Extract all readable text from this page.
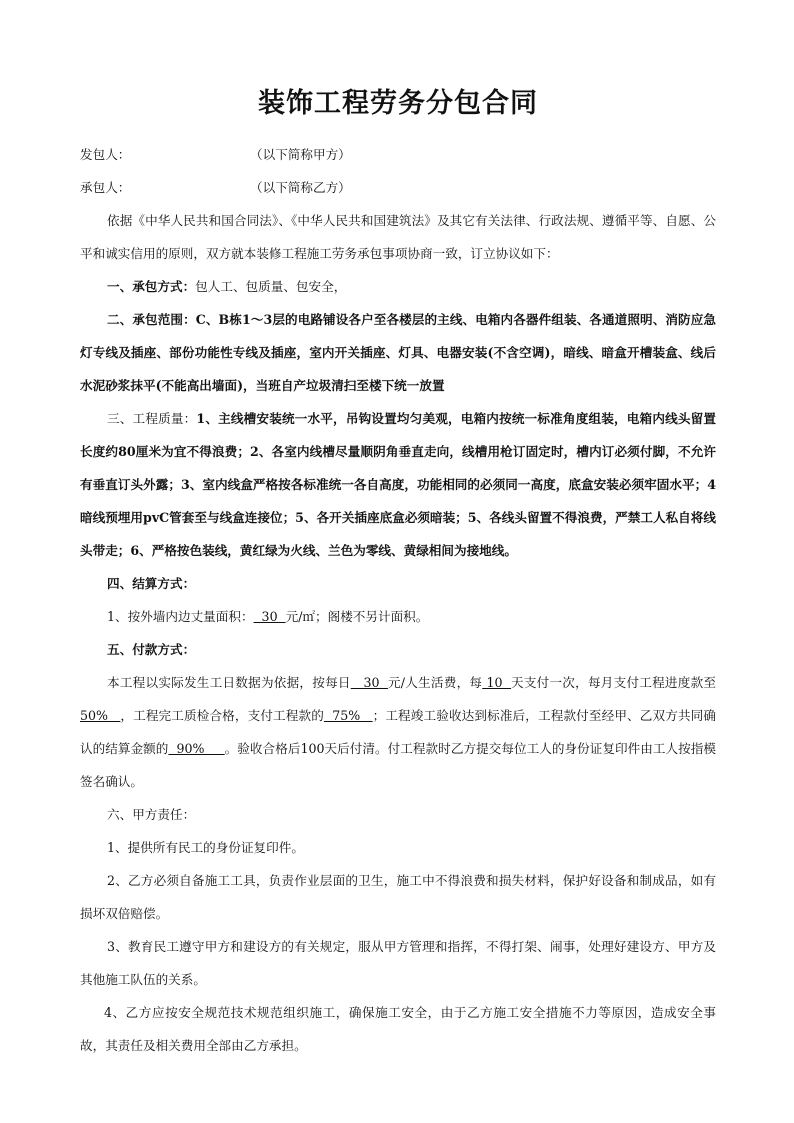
装饰工程劳务分包合同

发包人：	（以下简称甲方）

承包人：	（以下简称乙方）

依据《中华人民共和国合同法》、《中华人民共和国建筑法》及其它有关法律、行政法规、遵循平等、自愿、公平和诚实信用的原则，双方就本装修工程施工劳务承包事项协商一致，订立协议如下：

一、承包方式：包人工、包质量、包安全，

二、承包范围：C、B栋1～3层的电路铺设各户至各楼层的主线、电箱内各器件组装、各通道照明、消防应急灯专线及插座、部份功能性专线及插座，室内开关插座、灯具、电器安装(不含空调)，暗线、暗盒开槽装盒、线后水泥砂浆抹平(不能高出墙面)，当班自产垃圾清扫至楼下统一放置

三、工程质量：1、主线槽安装统一水平，吊钩设置均匀美观，电箱内按统一标准角度组装，电箱内线头留置长度约80厘米为宜不得浪费；2、各室内线槽尽量顺阴角垂直走向，线槽用枪订固定时，槽内订必须付脚，不允许有垂直订头外露；3、室内线盒严格按各标准统一各自高度，功能相同的必须同一高度，底盒安装必须牢固水平；4暗线预埋用pvC管套至与线盒连接位；5、各开关插座底盒必须暗装；5、各线头留置不得浪费，严禁工人私自将线头带走；6、严格按色装线，黄红绿为火线、兰色为零线、黄绿相间为接地线。

四、结算方式：

1、按外墙内边丈量面积：  30  元/㎡；阁楼不另计面积。

五、付款方式：

本工程以实际发生工日数据为依据，按每日   30  元/人生活费，每 10  天支付一次，每月支付工程进度款至50%   ，工程完工质检合格，支付工程款的  75%   ；工程竣工验收达到标准后，工程款付至经甲、乙双方共同确认的结算金额的  90%     。验收合格后100天后付清。付工程款时乙方提交每位工人的身份证复印件由工人按指模签名确认。

六、甲方责任：

1、提供所有民工的身份证复印件。

2、乙方必须自备施工工具，负责作业层面的卫生，施工中不得浪费和损失材料，保护好设备和制成品，如有损坏双倍赔偿。

3、教育民工遵守甲方和建设方的有关规定，服从甲方管理和指挥，不得打架、闹事，处理好建设方、甲方及其他施工队伍的关系。

4、乙方应按安全规范技术规范组织施工，确保施工安全，由于乙方施工安全措施不力等原因，造成安全事故，其责任及相关费用全部由乙方承担。
